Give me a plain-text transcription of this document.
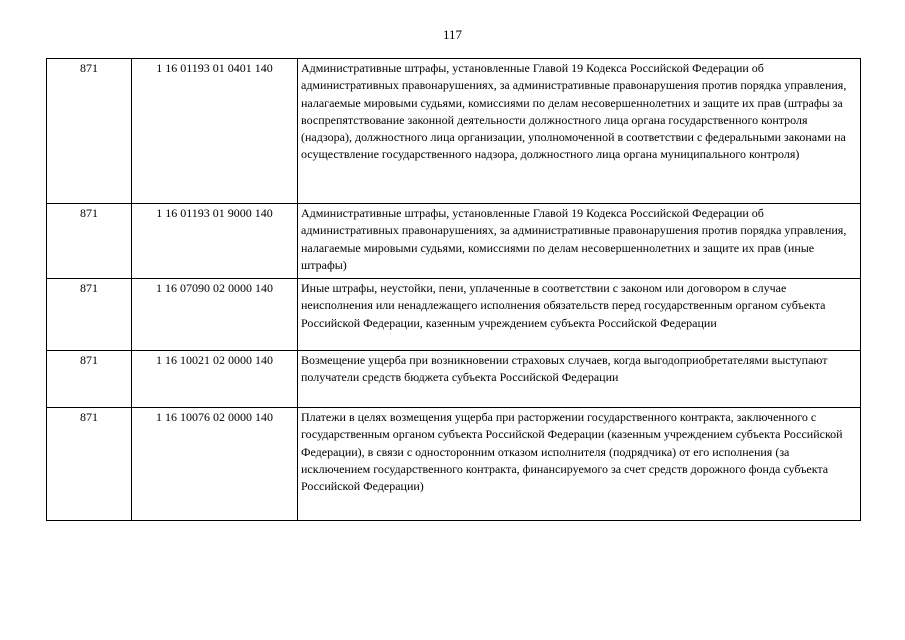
117
871	1 16 01193 01 0401 140	Административные штрафы, установленные Главой 19 Кодекса Российской Федерации об административных правонарушениях, за административные правонарушения против порядка управления, налагаемые мировыми судьями, комиссиями по делам несовершеннолетних и защите их прав (штрафы за воспрепятствование законной деятельности должностного лица органа государственного контроля (надзора), должностного лица организации, уполномоченной в соответствии с федеральными законами на осуществление государственного надзора, должностного лица органа муниципального контроля)
871	1 16 01193 01 9000 140	Административные штрафы, установленные Главой 19 Кодекса Российской Федерации об административных правонарушениях, за административные правонарушения против порядка управления, налагаемые мировыми судьями, комиссиями по делам несовершеннолетних и защите их прав (иные штрафы)
871	1 16 07090 02 0000 140	Иные штрафы, неустойки, пени, уплаченные в соответствии с законом или договором в случае неисполнения или ненадлежащего исполнения обязательств перед государственным органом субъекта Российской Федерации, казенным учреждением субъекта Российской Федерации
871	1 16 10021 02 0000 140	Возмещение ущерба при возникновении страховых случаев, когда выгодоприобретателями выступают получатели средств бюджета субъекта Российской Федерации
871	1 16 10076 02 0000 140	Платежи в целях возмещения ущерба при расторжении государственного контракта, заключенного с государственным органом субъекта Российской Федерации (казенным учреждением субъекта Российской Федерации), в связи с односторонним отказом исполнителя (подрядчика) от его исполнения (за исключением государственного контракта, финансируемого за счет средств дорожного фонда субъекта Российской Федерации)
